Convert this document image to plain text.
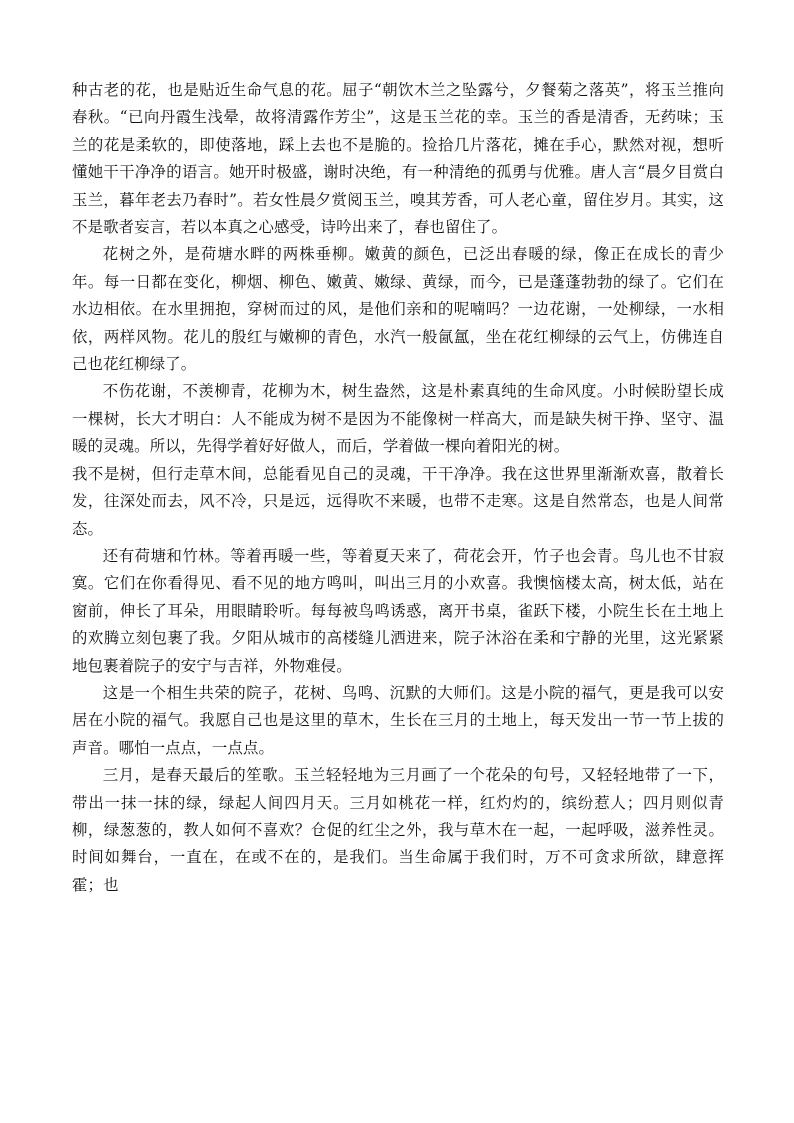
种古老的花，也是贴近生命气息的花。屈子“朝饮木兰之坠露兮，夕餐菊之落英”，将玉兰推向春秋。“已向丹霞生浅晕，故将清露作芳尘”，这是玉兰花的幸。玉兰的香是清香，无药味；玉兰的花是柔软的，即使落地，踩上去也不是脆的。捡拾几片落花，摊在手心，默然对视，想听懂她干干净净的语言。她开时极盛，谢时决绝，有一种清绝的孤勇与优雅。唐人言“晨夕目赏白玉兰，暮年老去乃春时”。若女性晨夕赏阅玉兰，嗅其芳香，可人老心童，留住岁月。其实，这不是歌者妄言，若以本真之心感受，诗吟出来了，春也留住了。

花树之外，是荷塘水畔的两株垂柳。嫩黄的颜色，已泛出春暖的绿，像正在成长的青少年。每一日都在变化，柳烟、柳色、嫩黄、嫩绿、黄绿，而今，已是蓬蓬勃勃的绿了。它们在水边相依。在水里拥抱，穿树而过的风，是他们亲和的呢喃吗？一边花谢，一处柳绿，一水相依，两样风物。花儿的殷红与嫩柳的青色，水汽一般氤氲，坐在花红柳绿的云气上，仿佛连自己也花红柳绿了。

不伤花谢，不羡柳青，花柳为木，树生盎然，这是朴素真纯的生命风度。小时候盼望长成一棵树，长大才明白：人不能成为树不是因为不能像树一样高大，而是缺失树干挣、坚守、温暖的灵魂。所以，先得学着好好做人，而后，学着做一棵向着阳光的树。

我不是树，但行走草木间，总能看见自己的灵魂，干干净净。我在这世界里渐渐欢喜，散着长发，往深处而去，风不冷，只是远，远得吹不来暖，也带不走寒。这是自然常态，也是人间常态。

还有荷塘和竹林。等着再暖一些，等着夏天来了，荷花会开，竹子也会青。鸟儿也不甘寂寞。它们在你看得见、看不见的地方鸣叫，叫出三月的小欢喜。我懊恼楼太高，树太低，站在窗前，伸长了耳朵，用眼睛聆听。每每被鸟鸣诱惑，离开书桌，雀跃下楼，小院生长在土地上的欢腾立刻包裹了我。夕阳从城市的高楼缝儿洒进来，院子沐浴在柔和宁静的光里，这光紧紧地包裹着院子的安宁与吉祥，外物难侵。

这是一个相生共荣的院子，花树、鸟鸣、沉默的大师们。这是小院的福气，更是我可以安居在小院的福气。我愿自己也是这里的草木，生长在三月的土地上，每天发出一节一节上拔的声音。哪怕一点点，一点点。

三月，是春天最后的笙歌。玉兰轻轻地为三月画了一个花朵的句号，又轻轻地带了一下，带出一抹一抹的绿，绿起人间四月天。三月如桃花一样，红灼灼的，缤纷惹人；四月则似青柳，绿葱葱的，教人如何不喜欢？仓促的红尘之外，我与草木在一起，一起呼吸，滋养性灵。时间如舞台，一直在，在或不在的，是我们。当生命属于我们时，万不可贪求所欲，肆意挥霍；也
